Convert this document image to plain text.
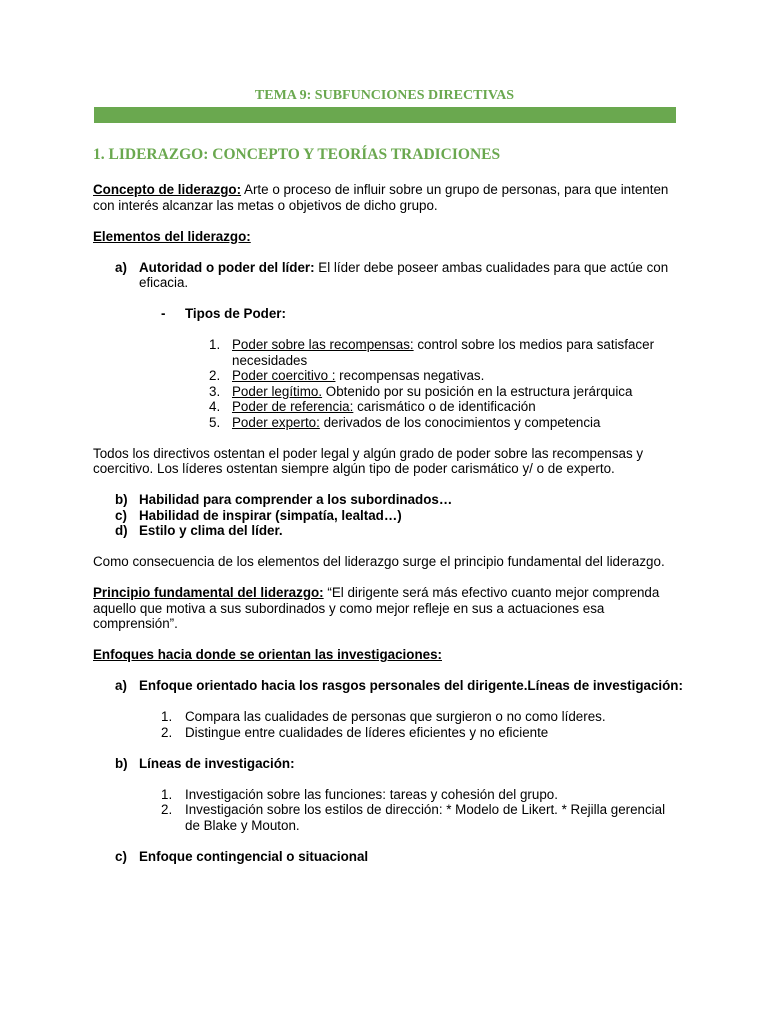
TEMA 9: SUBFUNCIONES DIRECTIVAS
1. LIDERAZGO: CONCEPTO Y TEORÍAS TRADICIONES

Concepto de liderazgo: Arte o proceso de influir sobre un grupo de personas, para que intenten con interés alcanzar las metas o objetivos de dicho grupo.

Elementos del liderazgo:

a) Autoridad o poder del líder: El líder debe poseer ambas cualidades para que actúe con eficacia.
- Tipos de Poder:
1. Poder sobre las recompensas: control sobre los medios para satisfacer necesidades
2. Poder coercitivo : recompensas negativas.
3. Poder legítimo. Obtenido por su posición en la estructura jerárquica
4. Poder de referencia: carismático o de identificación
5. Poder experto: derivados de los conocimientos y competencia

Todos los directivos ostentan el poder legal y algún grado de poder sobre las recompensas y coercitivo. Los líderes ostentan siempre algún tipo de poder carismático y/ o de experto.

b) Habilidad para comprender a los subordinados…
c) Habilidad de inspirar (simpatía, lealtad…)
d) Estilo y clima del líder.

Como consecuencia de los elementos del liderazgo surge el principio fundamental del liderazgo.

Principio fundamental del liderazgo: “El dirigente será más efectivo cuanto mejor comprenda aquello que motiva a sus subordinados y como mejor refleje en sus a actuaciones esa comprensión”.

Enfoques hacia donde se orientan las investigaciones:

a) Enfoque orientado hacia los rasgos personales del dirigente.Líneas de investigación:
1. Compara las cualidades de personas que surgieron o no como líderes.
2. Distingue entre cualidades de líderes eficientes y no eficiente
b) Líneas de investigación:
1. Investigación sobre las funciones: tareas y cohesión del grupo.
2. Investigación sobre los estilos de dirección: * Modelo de Likert. * Rejilla gerencial de Blake y Mouton.
c) Enfoque contingencial o situacional
